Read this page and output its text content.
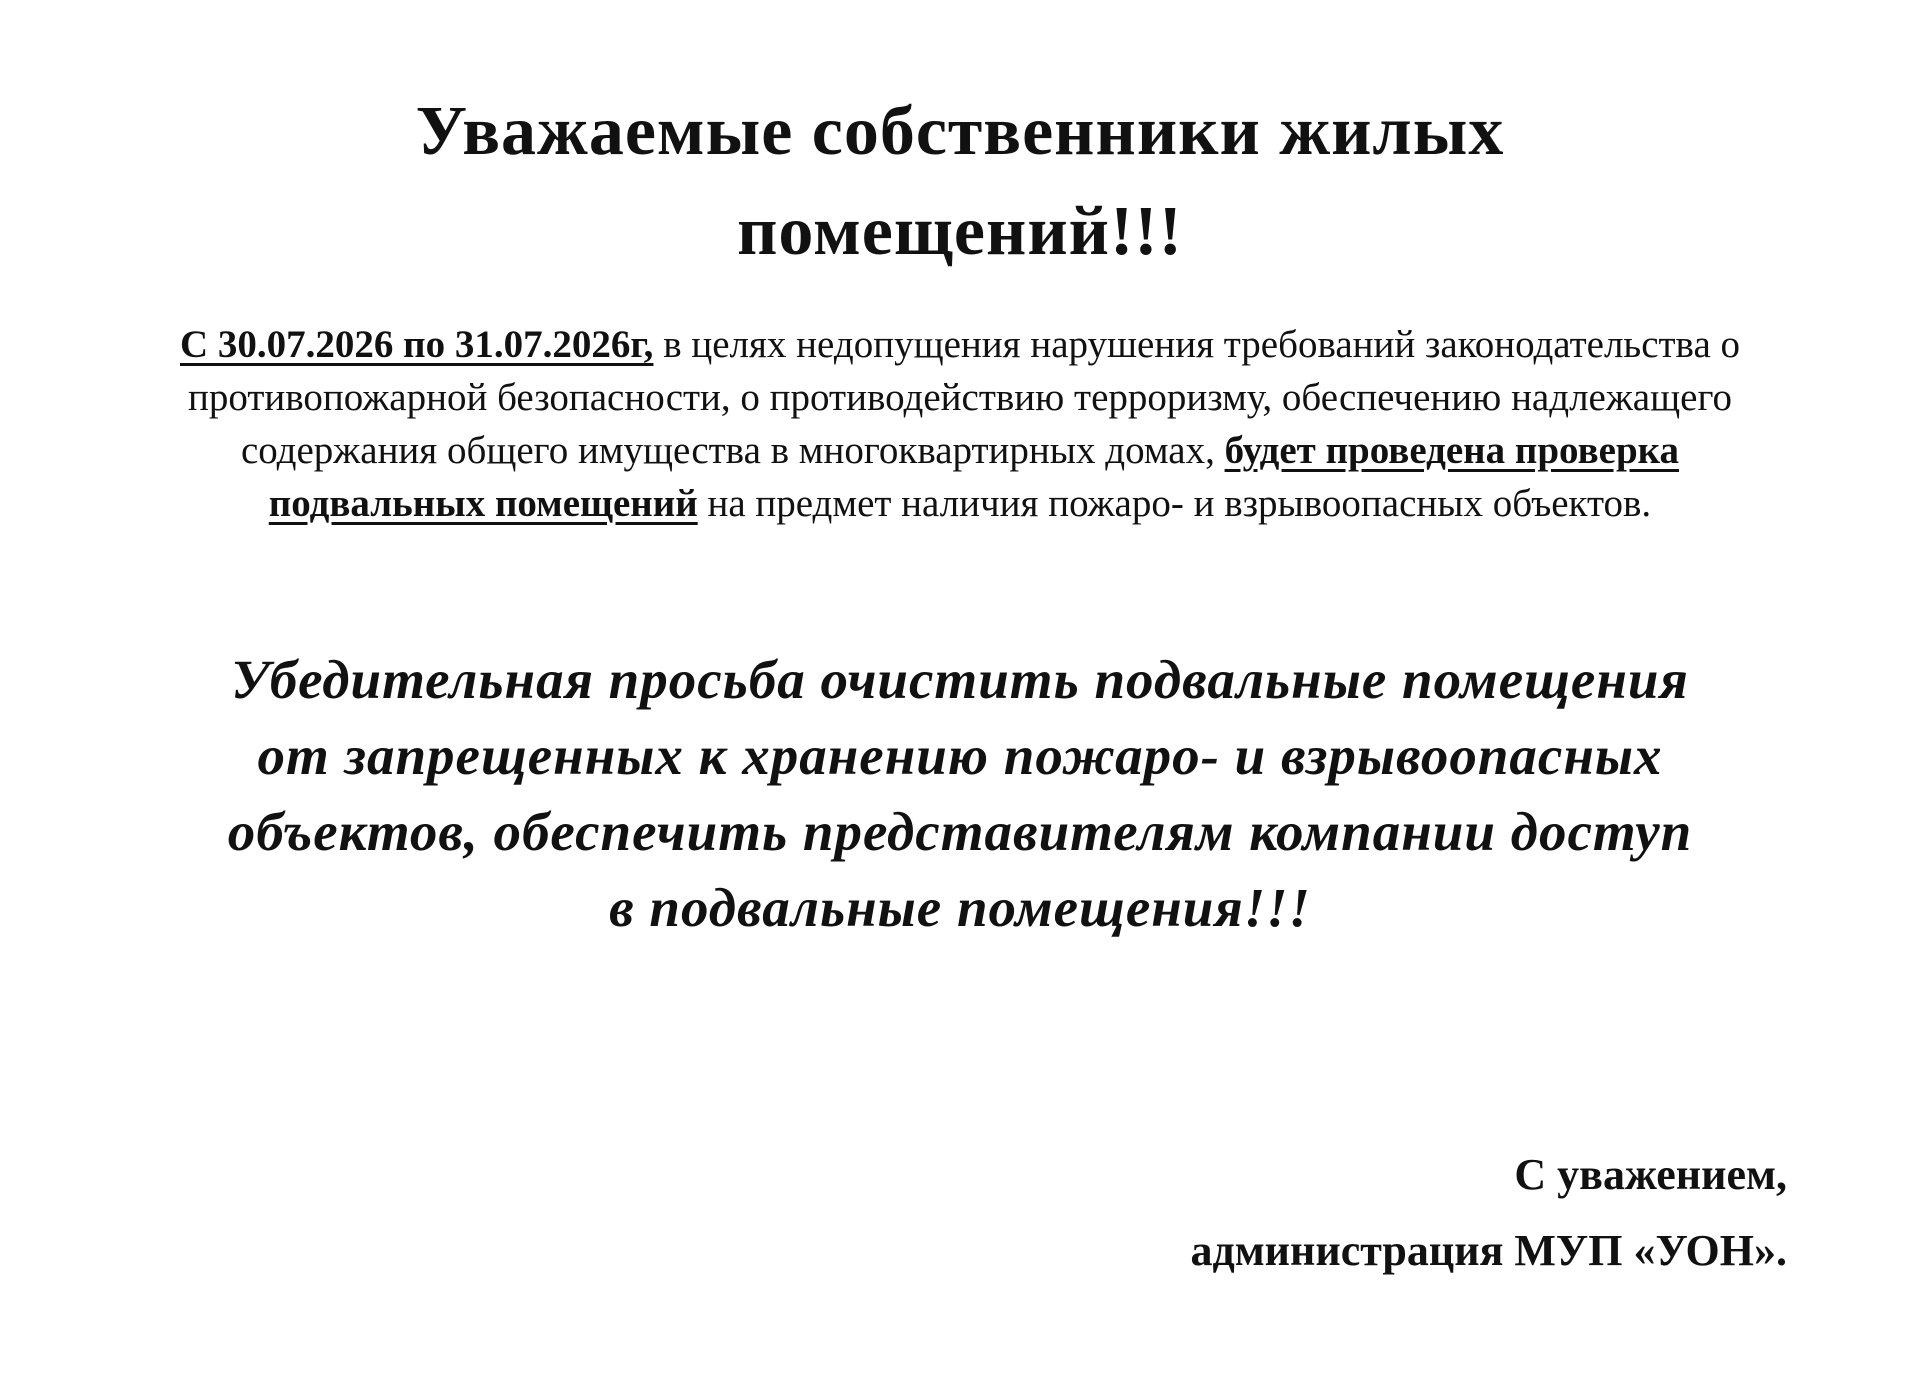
Уважаемые собственники жилых
помещений!!!

С 30.07.2026 по 31.07.2026г, в целях недопущения нарушения требований законодательства о противопожарной безопасности, о противодействию терроризму, обеспечению надлежащего содержания общего имущества в многоквартирных домах, будет проведена проверка подвальных помещений на предмет наличия пожаро- и взрывоопасных объектов.

Убедительная просьба очистить подвальные помещения
от запрещенных к хранению пожаро- и взрывоопасных
объектов, обеспечить представителям компании доступ
в подвальные помещения!!!

С уважением,
администрация МУП «УОН».
